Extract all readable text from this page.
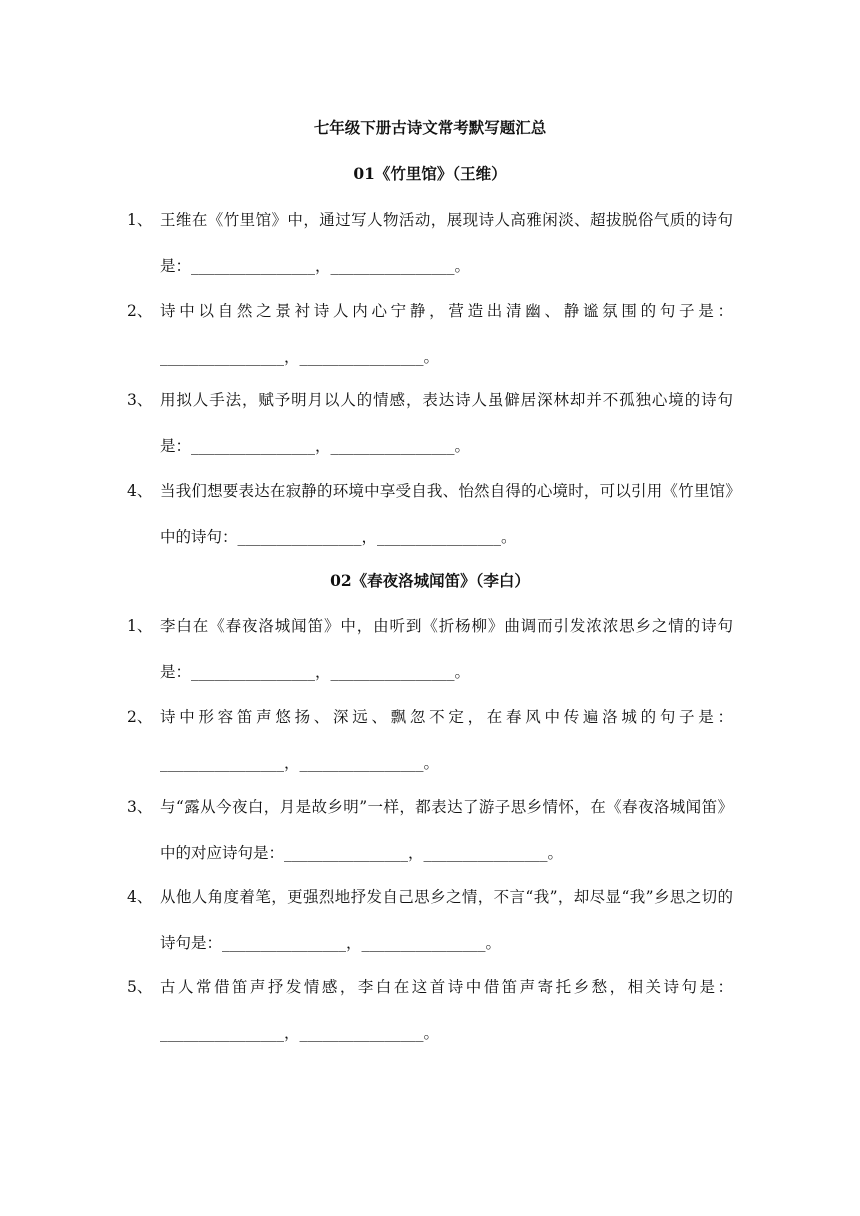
七年级下册古诗文常考默写题汇总
01《竹里馆》（王维）
1、 王维在《竹里馆》中，通过写人物活动，展现诗人高雅闲淡、超拔脱俗气质的诗句是：________________，________________。
2、 诗中以自然之景衬诗人内心宁静，营造出清幽、静谧氛围的句子是：________________，________________。
3、 用拟人手法，赋予明月以人的情感，表达诗人虽僻居深林却并不孤独心境的诗句是：________________，________________。
4、 当我们想要表达在寂静的环境中享受自我、怡然自得的心境时，可以引用《竹里馆》中的诗句：________________，________________。
02《春夜洛城闻笛》（李白）
1、 李白在《春夜洛城闻笛》中，由听到《折杨柳》曲调而引发浓浓思乡之情的诗句是：________________，________________。
2、 诗中形容笛声悠扬、深远、飘忽不定，在春风中传遍洛城的句子是：________________，________________。
3、 与“露从今夜白，月是故乡明”一样，都表达了游子思乡情怀，在《春夜洛城闻笛》中的对应诗句是：________________，________________。
4、 从他人角度着笔，更强烈地抒发自己思乡之情，不言“我”，却尽显“我”乡思之切的诗句是：________________，________________。
5、 古人常借笛声抒发情感，李白在这首诗中借笛声寄托乡愁，相关诗句是：________________，________________。
